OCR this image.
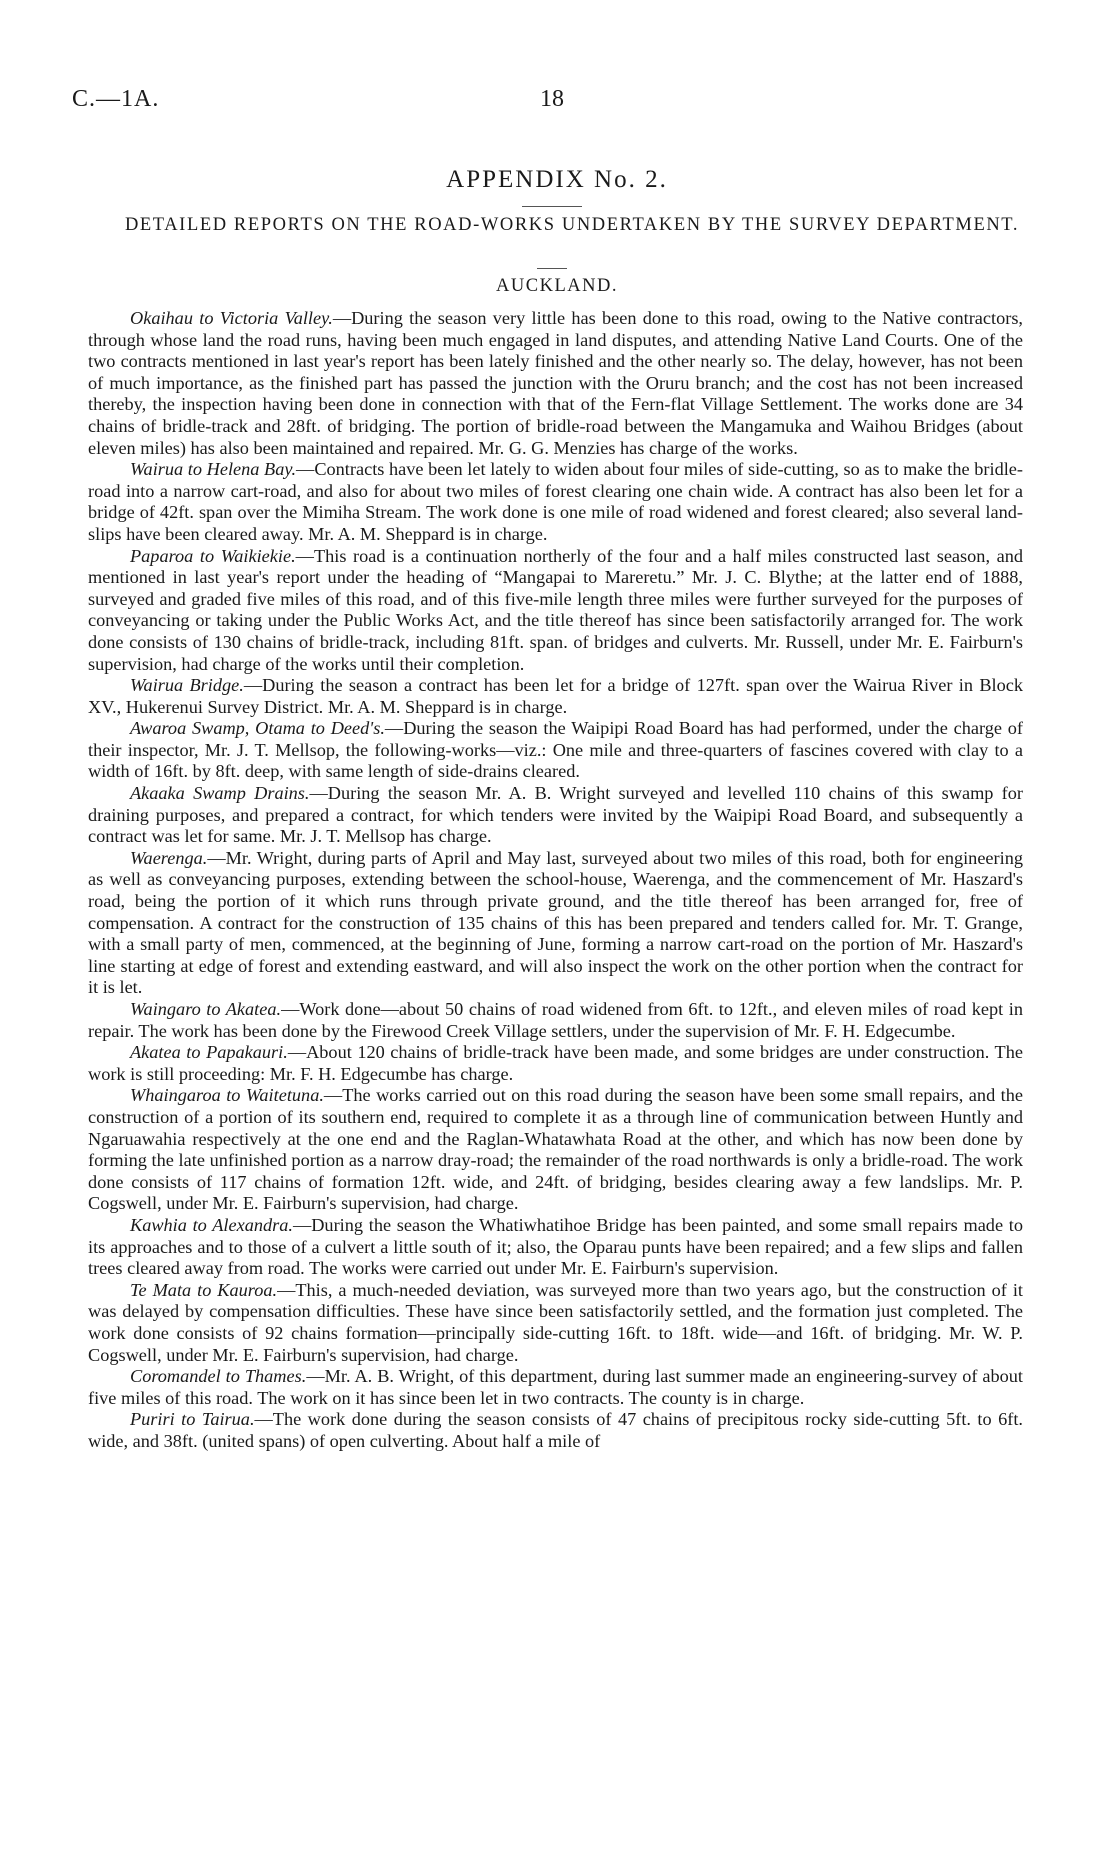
C.—1A.	18
APPENDIX No. 2.
DETAILED REPORTS ON THE ROAD-WORKS UNDERTAKEN BY THE SURVEY DEPARTMENT.
AUCKLAND.

Okaihau to Victoria Valley.—During the season very little has been done to this road, owing to the Native contractors, through whose land the road runs, having been much engaged in land disputes, and attending Native Land Courts. One of the two contracts mentioned in last year's report has been lately finished and the other nearly so. The delay, however, has not been of much importance, as the finished part has passed the junction with the Oruru branch; and the cost has not been increased thereby, the inspection having been done in connection with that of the Fern-flat Village Settlement. The works done are 34 chains of bridle-track and 28ft. of bridging. The portion of bridle-road between the Mangamuka and Waihou Bridges (about eleven miles) has also been maintained and repaired. Mr. G. G. Menzies has charge of the works.

Wairua to Helena Bay.—Contracts have been let lately to widen about four miles of side-cutting, so as to make the bridle-road into a narrow cart-road, and also for about two miles of forest clearing one chain wide. A contract has also been let for a bridge of 42ft. span over the Mimiha Stream. The work done is one mile of road widened and forest cleared; also several land-slips have been cleared away. Mr. A. M. Sheppard is in charge.

Paparoa to Waikiekie.—This road is a continuation northerly of the four and a half miles constructed last season, and mentioned in last year's report under the heading of “Mangapai to Mareretu.” Mr. J. C. Blythe; at the latter end of 1888, surveyed and graded five miles of this road, and of this five-mile length three miles were further surveyed for the purposes of conveyancing or taking under the Public Works Act, and the title thereof has since been satisfactorily arranged for. The work done consists of 130 chains of bridle-track, including 81ft. span. of bridges and culverts. Mr. Russell, under Mr. E. Fairburn's supervision, had charge of the works until their completion.

Wairua Bridge.—During the season a contract has been let for a bridge of 127ft. span over the Wairua River in Block XV., Hukerenui Survey District. Mr. A. M. Sheppard is in charge.

Awaroa Swamp, Otama to Deed's.—During the season the Waipipi Road Board has had performed, under the charge of their inspector, Mr. J. T. Mellsop, the following-works—viz.: One mile and three-quarters of fascines covered with clay to a width of 16ft. by 8ft. deep, with same length of side-drains cleared.

Akaaka Swamp Drains.—During the season Mr. A. B. Wright surveyed and levelled 110 chains of this swamp for draining purposes, and prepared a contract, for which tenders were invited by the Waipipi Road Board, and subsequently a contract was let for same. Mr. J. T. Mellsop has charge.

Waerenga.—Mr. Wright, during parts of April and May last, surveyed about two miles of this road, both for engineering as well as conveyancing purposes, extending between the school-house, Waerenga, and the commencement of Mr. Haszard's road, being the portion of it which runs through private ground, and the title thereof has been arranged for, free of compensation. A contract for the construction of 135 chains of this has been prepared and tenders called for. Mr. T. Grange, with a small party of men, commenced, at the beginning of June, forming a narrow cart-road on the portion of Mr. Haszard's line starting at edge of forest and extending eastward, and will also inspect the work on the other portion when the contract for it is let.

Waingaro to Akatea.—Work done—about 50 chains of road widened from 6ft. to 12ft., and eleven miles of road kept in repair. The work has been done by the Firewood Creek Village settlers, under the supervision of Mr. F. H. Edgecumbe.

Akatea to Papakauri.—About 120 chains of bridle-track have been made, and some bridges are under construction. The work is still proceeding: Mr. F. H. Edgecumbe has charge.

Whaingaroa to Waitetuna.—The works carried out on this road during the season have been some small repairs, and the construction of a portion of its southern end, required to complete it as a through line of communication between Huntly and Ngaruawahia respectively at the one end and the Raglan-Whatawhata Road at the other, and which has now been done by forming the late unfinished portion as a narrow dray-road; the remainder of the road northwards is only a bridle-road. The work done consists of 117 chains of formation 12ft. wide, and 24ft. of bridging, besides clearing away a few landslips. Mr. P. Cogswell, under Mr. E. Fairburn's supervision, had charge.

Kawhia to Alexandra.—During the season the Whatiwhatihoe Bridge has been painted, and some small repairs made to its approaches and to those of a culvert a little south of it; also, the Oparau punts have been repaired; and a few slips and fallen trees cleared away from road. The works were carried out under Mr. E. Fairburn's supervision.

Te Mata to Kauroa.—This, a much-needed deviation, was surveyed more than two years ago, but the construction of it was delayed by compensation difficulties. These have since been satisfactorily settled, and the formation just completed. The work done consists of 92 chains formation—principally side-cutting 16ft. to 18ft. wide—and 16ft. of bridging. Mr. W. P. Cogswell, under Mr. E. Fairburn's supervision, had charge.

Coromandel to Thames.—Mr. A. B. Wright, of this department, during last summer made an engineering-survey of about five miles of this road. The work on it has since been let in two contracts. The county is in charge.

Puriri to Tairua.—The work done during the season consists of 47 chains of precipitous rocky side-cutting 5ft. to 6ft. wide, and 38ft. (united spans) of open culverting. About half a mile of
